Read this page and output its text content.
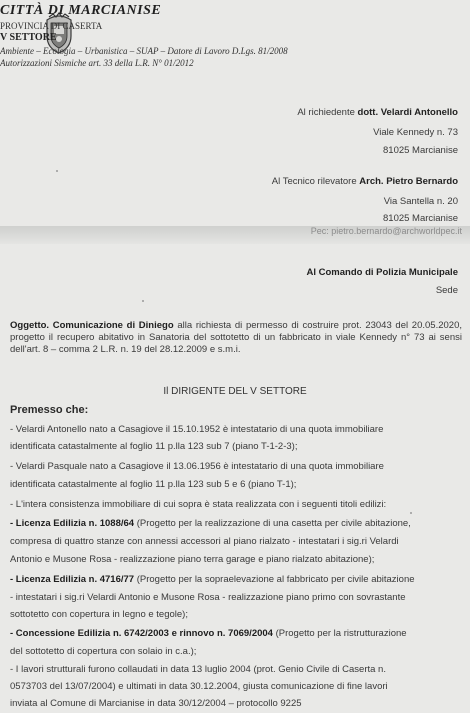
CITTÀ DI MARCIANISE
PROVINCIA DI CASERTA
V SETTORE
Ambiente – Ecologia – Urbanistica – SUAP – Datore di Lavoro D.Lgs. 81/2008
Autorizzazioni Sismiche art. 33 della L.R. N° 01/2012
Al richiedente dott. Velardi Antonello
Viale Kennedy n. 73
81025 Marcianise
Al Tecnico rilevatore Arch. Pietro Bernardo
Via Santella n. 20
81025 Marcianise
Pec: pietro.bernardo@archworldpec.it
Al Comando di Polizia Municipale
Sede
Oggetto. Comunicazione di Diniego alla richiesta di permesso di costruire prot. 23043 del 20.05.2020, progetto il recupero abitativo in Sanatoria del sottotetto di un fabbricato in viale Kennedy n° 73 ai sensi dell'art. 8 – comma 2 L.R. n. 19 del 28.12.2009 e s.m.i.
Il DIRIGENTE DEL V SETTORE
Premesso che:
- Velardi Antonello nato a Casagiove il 15.10.1952 è intestatario di una quota immobiliare
identificata catastalmente al foglio 11 p.lla 123 sub 7 (piano T-1-2-3);
- Velardi Pasquale nato a Casagiove il 13.06.1956 è intestatario di una quota immobiliare
identificata catastalmente al foglio 11 p.lla 123 sub 5 e 6 (piano T-1);
- L'intera consistenza immobiliare di cui sopra è stata realizzata con i seguenti titoli edilizi:
- Licenza Edilizia n. 1088/64 (Progetto per la realizzazione di una casetta per civile abitazione,
compresa di quattro stanze con annessi accessori al piano rialzato - intestatari i sig.ri Velardi
Antonio e Musone Rosa - realizzazione piano terra garage e piano rialzato abitazione);
- Licenza Edilizia n. 4716/77 (Progetto per la sopraelevazione al fabbricato per civile abitazione
- intestatari i sig.ri Velardi Antonio e Musone Rosa - realizzazione piano primo con sovrastante
sottotetto con copertura in legno e tegole);
- Concessione Edilizia n. 6742/2003 e rinnovo n. 7069/2004 (Progetto per la ristrutturazione
del sottotetto di copertura con solaio in c.a.);
- I lavori strutturali furono collaudati in data 13 luglio 2004 (prot. Genio Civile di Caserta n.
0573703 del 13/07/2004) e ultimati in data 30.12.2004, giusta comunicazione di fine lavori
inviata al Comune di Marcianise in data 30/12/2004 – protocollo 9225
